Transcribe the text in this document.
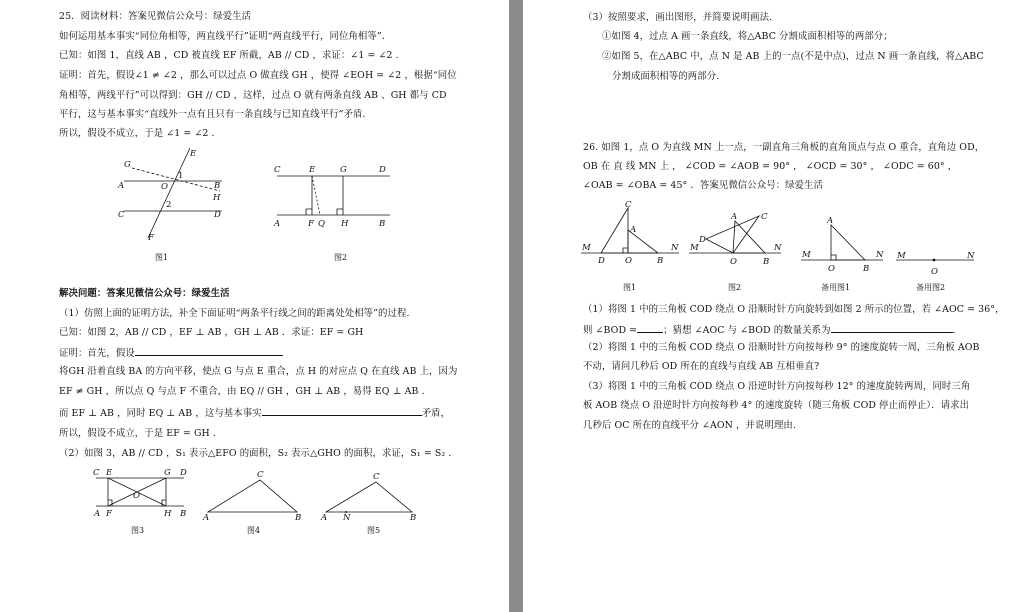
25．阅读材料：答案见微信公众号：绿爱生活
如何运用基本事实“同位角相等，两直线平行”证明“两直线平行，同位角相等”．
已知：如图 1，直线 AB ，CD 被直线 EF 所截，AB // CD ，求证：∠1 = ∠2 .
证明：首先，假设∠1 ≠ ∠2 ，那么可以过点 O 做直线 GH ，使得 ∠EOH = ∠2 ，根据“同位
角相等，两线平行”可以得到：GH // CD ，这样，过点 O 就有两条直线 AB 、GH 都与 CD
平行，这与基本事实“直线外一点有且只有一条直线与已知直线平行”矛盾．
所以，假设不成立，于是 ∠1 = ∠2 .
G
E
1
A	O	B
H
2
C	D
F
图1
C	E	G	D
A	F Q H	B
图2
解决问题：答案见微信公众号：绿爱生活
（1）仿照上面的证明方法，补全下面证明“两条平行线之间的距离处处相等”的过程.
已知：如图 2，AB // CD ，EF ⊥ AB ，GH ⊥ AB ．求证：EF = GH
证明：首先，假设
将GH 沿着直线 BA 的方向平移，使点 G 与点 E 重合，点 H 的对应点 Q 在直线 AB 上，因为
EF ≠ GH ，所以点 Q 与点 F 不重合，由 EQ // GH ，GH ⊥ AB ，易得 EQ ⊥ AB .
而 EF ⊥ AB ，同时 EQ ⊥ AB ，这与基本事实	矛盾，
所以，假设不成立，于是 EF = GH .
（2）如图 3，AB // CD ，S₁ 表示△EFO 的面积，S₂ 表示△GHO 的面积，求证，S₁ = S₂ .
C E	G D
O
A F	H B
图3
C
A	B
图4
C
A N	B
图5
（3）按照要求，画出图形，并简要说明画法.
①如图 4，过点 A 画一条直线，将△ABC 分割成面积相等的两部分；
②如图 5，在△ABC 中，点 N 是 AB 上的一点(不是中点)，过点 N 画一条直线，将△ABC
分割成面积相等的两部分.
26. 如图 1，点 O 为直线 MN 上一点，一副直角三角板的直角顶点与点 O 重合，直角边 OD，
OB 在 直 线 MN 上 ， ∠COD = ∠AOB = 90° ， ∠OCD = 30° ， ∠ODC = 60° ，
∠OAB = ∠OBA = 45° ．答案见微信公众号：绿爱生活
C
A
M	N
D O	B
图1
A	C
D
M	N
O	B
图2
A
M	N
O	B
备用图1
M	N
O
备用图2
（1）将图 1 中的三角板 COD 绕点 O 沿顺时针方向旋转到如图 2 所示的位置，若 ∠AOC = 36°，
则 ∠BOD =	；猜想 ∠AOC 与 ∠BOD 的数量关系为	.
（2）将图 1 中的三角板 COD 绕点 O 沿顺时针方向按每秒 9° 的速度旋转一周，三角板 AOB
不动，请问几秒后 OD 所在的直线与直线 AB 互相垂直?
（3）将图 1 中的三角板 COD 绕点 O 沿逆时针方向按每秒 12° 的速度旋转两周，同时三角
板 AOB 绕点 O 沿逆时针方向按每秒 4° 的速度旋转（随三角板 COD 停止而停止）．请求出
几秒后 OC 所在的直线平分 ∠AON ，并说明理由.
